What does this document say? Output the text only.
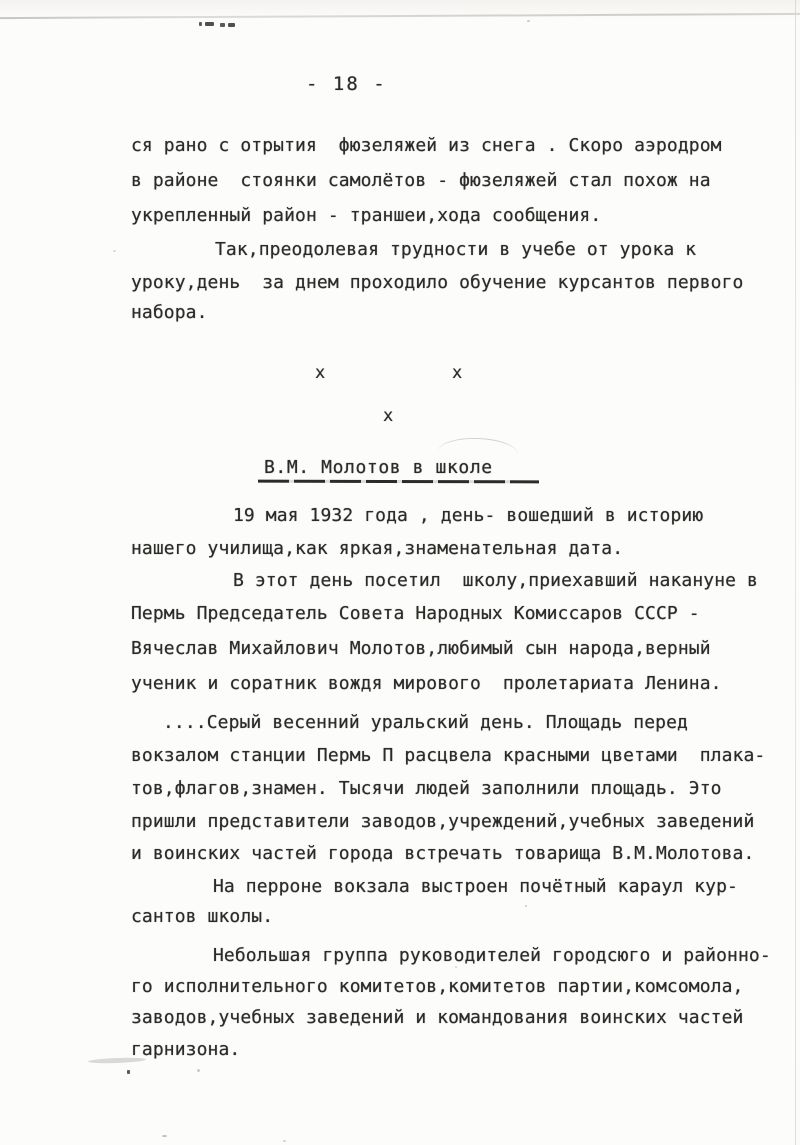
- 18 -
ся рано с отрытия  фюзеляжей из снега . Скоро аэродром
в районе  стоянки самолётов - фюзеляжей стал похож на
укрепленный район - траншеи,хода сообщения.
Так,преодолевая трудности в учебе от урока к
уроку,день  за днем проходило обучение курсантов первого
набора.
х	х
х
В.М. Молотов в школе
19 мая 1932 года , день- вошедший в историю
нашего училища,как яркая,знаменательная дата.
В этот день посетил  школу,приехавший накануне в
Пермь Председатель Совета Народных Комиссаров СССР -
Вячеслав Михайлович Молотов,любимый сын народа,верный
ученик и соратник вождя мирового  пролетариата Ленина.
....Серый весенний уральский день. Площадь перед
вокзалом станции Пермь П расцвела красными цветами  плака-
тов,флагов,знамен. Тысячи людей заполнили площадь. Это
пришли представители заводов,учреждений,учебных заведений
и воинских частей города встречать товарища В.М.Молотова.
На перроне вокзала выстроен почётный караул кур-
сантов школы.
Небольшая группа руководителей городсюго и районно-
го исполнительного комитетов,комитетов партии,комсомола,
заводов,учебных заведений и командования воинских частей
гарнизона.
